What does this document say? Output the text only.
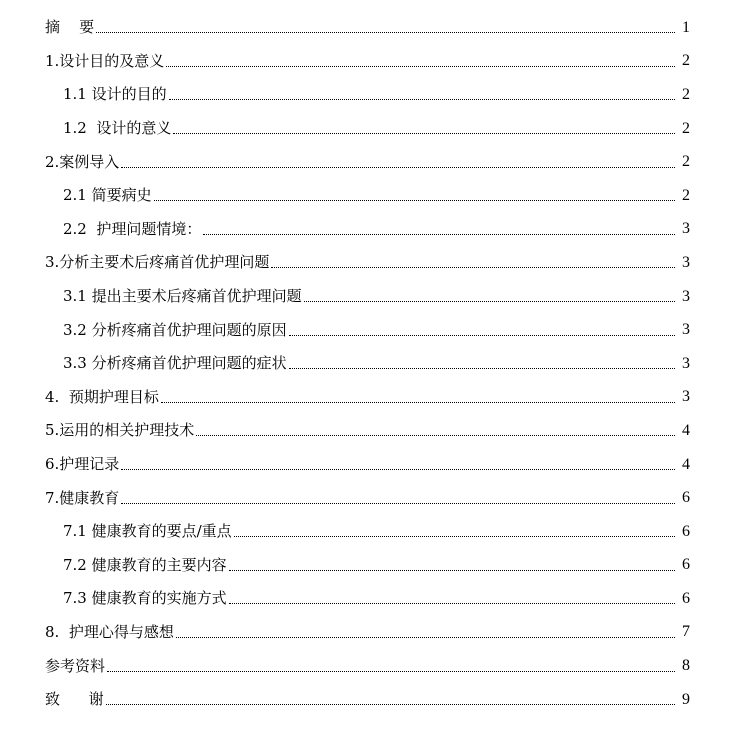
摘    要	1
1.设计目的及意义	2
1.1 设计的目的	2
1.2  设计的意义	2
2.案例导入	2
2.1 简要病史	2
2.2  护理问题情境：	3
3.分析主要术后疼痛首优护理问题	3
3.1 提出主要术后疼痛首优护理问题	3
3.2 分析疼痛首优护理问题的原因	3
3.3 分析疼痛首优护理问题的症状	3
4.  预期护理目标	3
5.运用的相关护理技术	4
6.护理记录	4
7.健康教育	6
7.1 健康教育的要点/重点	6
7.2 健康教育的主要内容	6
7.3 健康教育的实施方式	6
8.  护理心得与感想	7
参考资料	8
致      谢	9
